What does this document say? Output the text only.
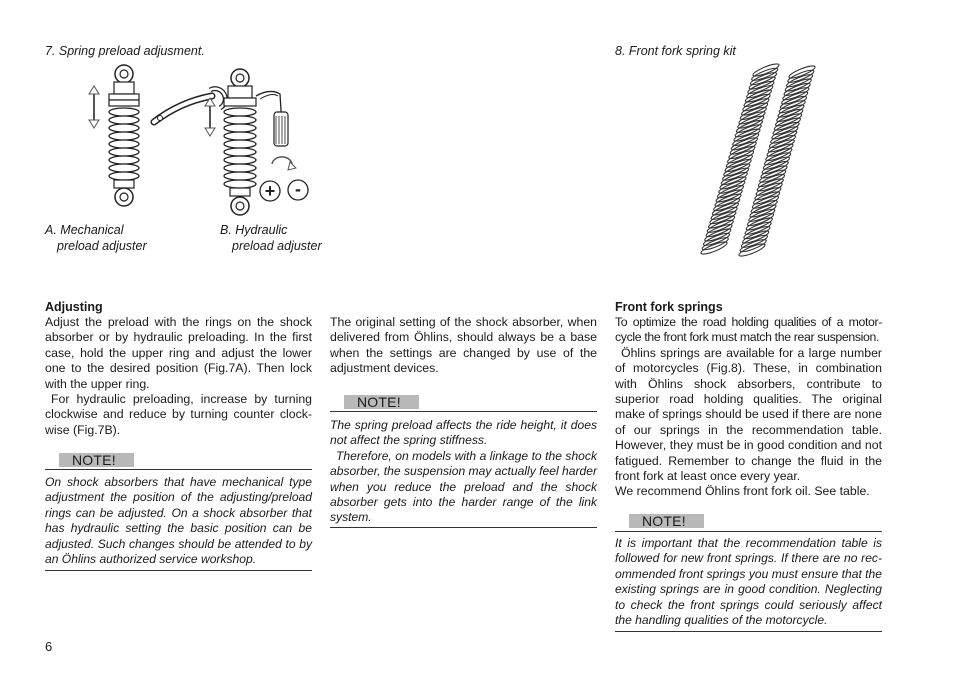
7. Spring preload adjusment.
+ -
A. Mechanical
preload adjuster
B. Hydraulic
preload adjuster
8. Front fork spring kit
Adjusting

Adjust the preload with the rings on the shock absorber or by hydraulic preloading. In the first case, hold the upper ring and adjust the lower one to the desired position (Fig.7A). Then lock with the upper ring.

For hydraulic preloading, increase by turning clockwise and reduce by turning counter clock-wise (Fig.7B).

NOTE!
On shock absorbers that have mechanical type adjustment the position of the adjusting/preload rings can be adjusted. On a shock absorber that has hydraulic setting the basic position can be adjusted. Such changes should be attended to by an Öhlins authorized service workshop.

The original setting of the shock absorber, when delivered from Öhlins, should always be a base when the settings are changed by use of the adjustment devices.

NOTE!

The spring preload affects the ride height, it does not affect the spring stiffness.

Therefore, on models with a linkage to the shock absorber, the suspension may actually feel harder when you reduce the preload and the shock absorber gets into the harder range of the link system.

Front fork springs

To optimize the road holding qualities of a motor-cycle the front fork must match the rear suspension.

Öhlins springs are available for a large number of motorcycles (Fig.8). These, in combination with Öhlins shock absorbers, contribute to superior road holding qualities. The original make of springs should be used if there are none of our springs in the recommendation table. However, they must be in good condition and not fatigued. Remember to change the fluid in the front fork at least once every year.

We recommend Öhlins front fork oil. See table.

NOTE!
It is important that the recommendation table is followed for new front springs. If there are no rec-ommended front springs you must ensure that the existing springs are in good condition. Neglecting to check the front springs could seriously affect the handling qualities of the motorcycle.
6
